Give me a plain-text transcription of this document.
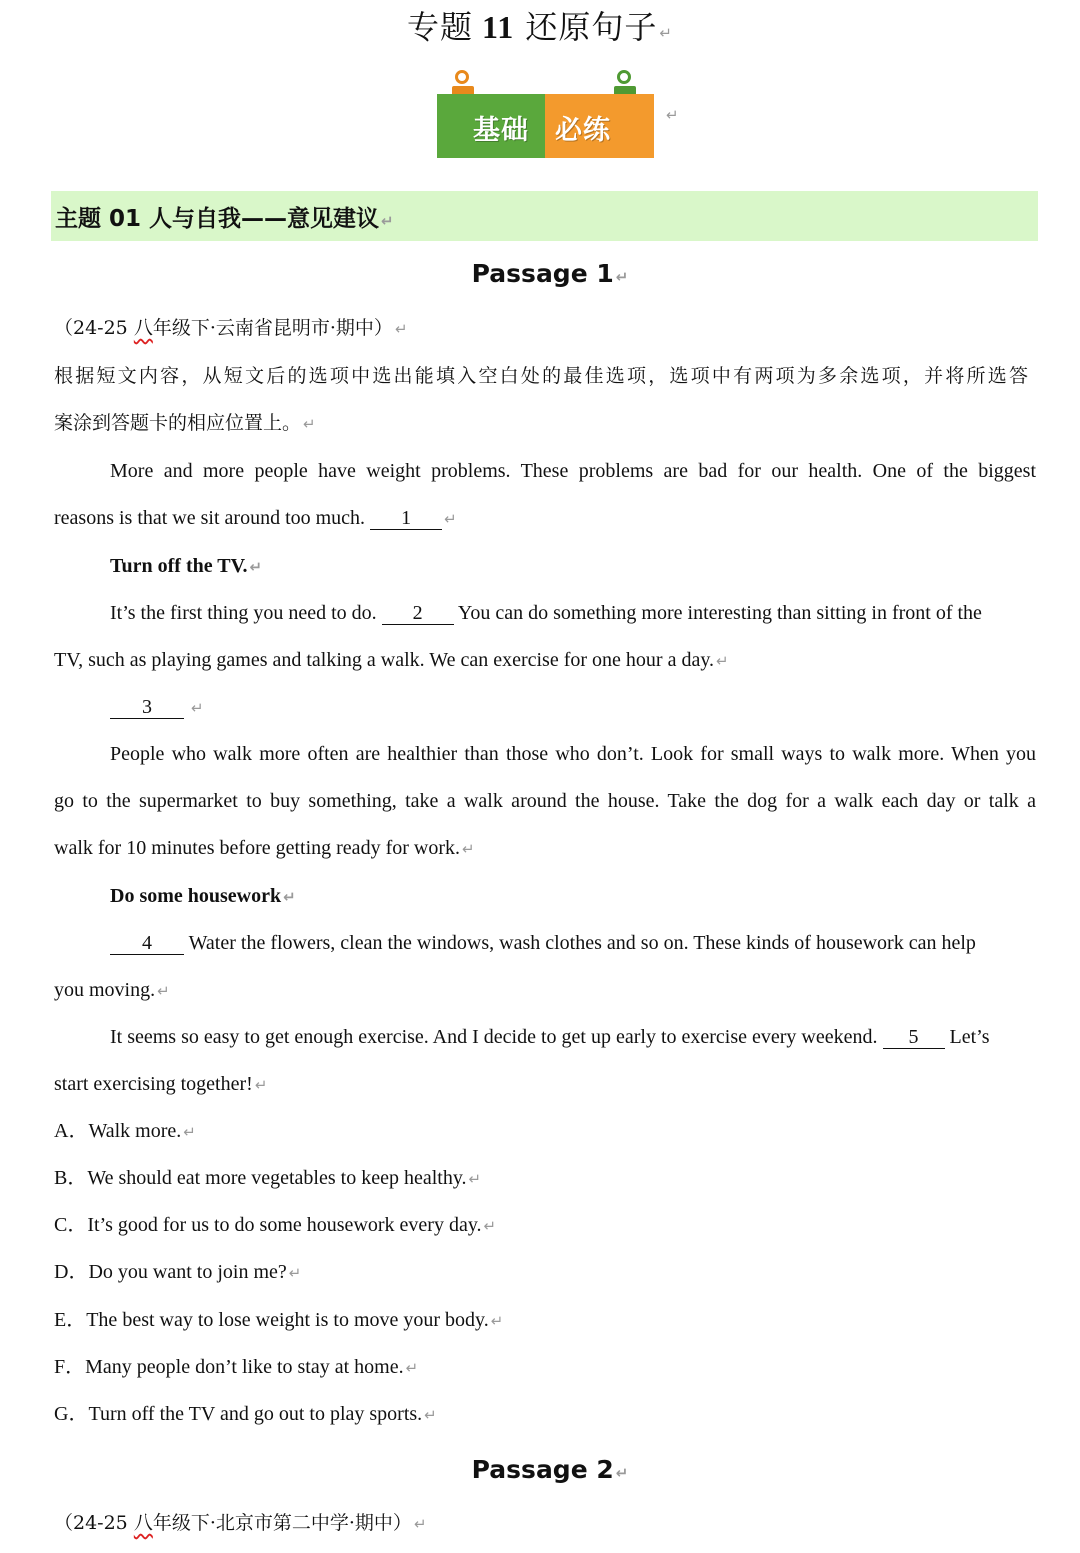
专题 11 还原句子 ↵
基础 必练	↵
主题 01 人与自我——意见建议 ↵
Passage 1 ↵
（24-25 八年级下·云南省昆明市·期中） ↵
根据短文内容，从短文后的选项中选出能填入空白处的最佳选项，选项中有两项为多余选项，并将所选答
案涂到答题卡的相应位置上。 ↵
More and more people have weight problems. These problems are bad for our health. One of the biggest
reasons is that we sit around too much. 1 ↵
Turn off the TV. ↵
It’s the first thing you need to do. 2 You can do something more interesting than sitting in front of the
TV, such as playing games and talking a walk. We can exercise for one hour a day. ↵
3	↵
People who walk more often are healthier than those who don’t. Look for small ways to walk more. When you
go to the supermarket to buy something, take a walk around the house. Take the dog for a walk each day or talk a
walk for 10 minutes before getting ready for work. ↵
Do some housework ↵
4 Water the flowers, clean the windows, wash clothes and so on. These kinds of housework can help
you moving. ↵
It seems so easy to get enough exercise. And I decide to get up early to exercise every weekend. 5 Let’s
start exercising together! ↵
A．Walk more. ↵
B．We should eat more vegetables to keep healthy. ↵
C．It’s good for us to do some housework every day. ↵
D．Do you want to join me? ↵
E．The best way to lose weight is to move your body. ↵
F．Many people don’t like to stay at home. ↵
G．Turn off the TV and go out to play sports. ↵
Passage 2 ↵
（24-25 八年级下·北京市第二中学·期中） ↵
